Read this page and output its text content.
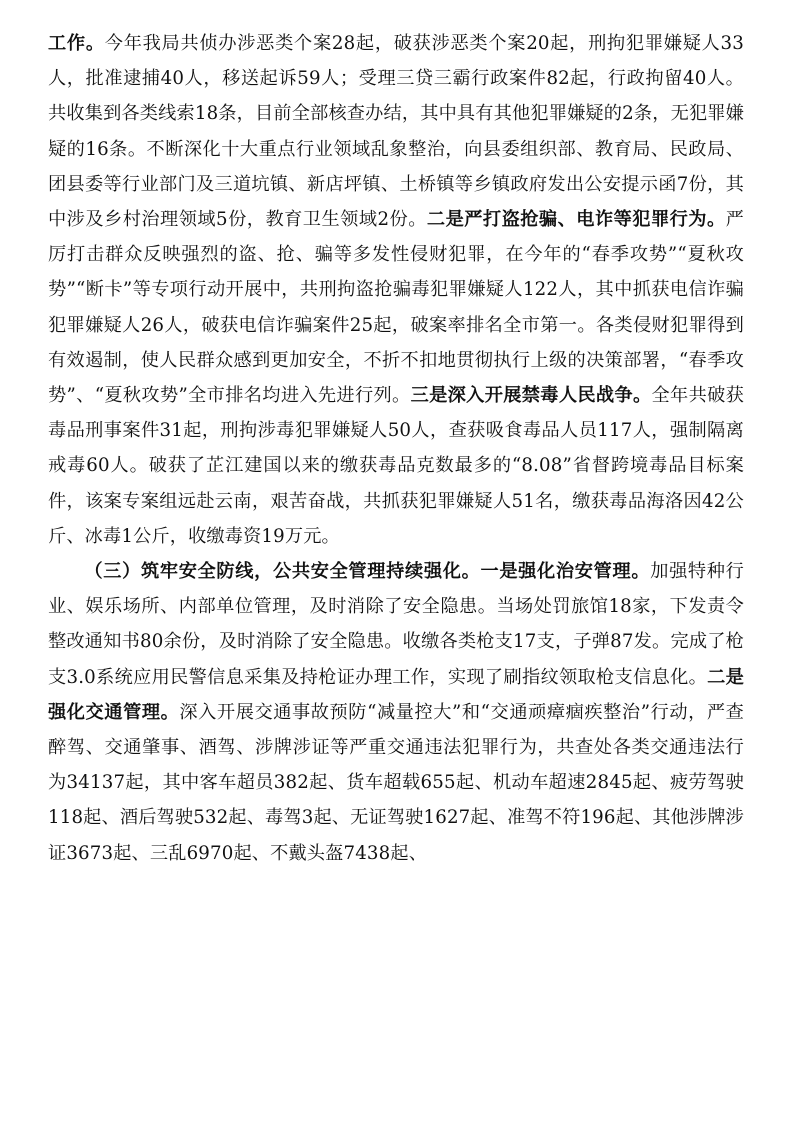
工作。今年我局共侦办涉恶类个案28起，破获涉恶类个案20起，刑拘犯罪嫌疑人33人，批准逮捕40人，移送起诉59人；受理三贷三霸行政案件82起，行政拘留40人。共收集到各类线索18条，目前全部核查办结，其中具有其他犯罪嫌疑的2条，无犯罪嫌疑的16条。不断深化十大重点行业领域乱象整治，向县委组织部、教育局、民政局、团县委等行业部门及三道坑镇、新店坪镇、土桥镇等乡镇政府发出公安提示函7份，其中涉及乡村治理领域5份，教育卫生领域2份。二是严打盗抢骗、电诈等犯罪行为。严厉打击群众反映强烈的盗、抢、骗等多发性侵财犯罪，在今年的“春季攻势”“夏秋攻势”“断卡”等专项行动开展中，共刑拘盗抢骗毒犯罪嫌疑人122人，其中抓获电信诈骗犯罪嫌疑人26人，破获电信诈骗案件25起，破案率排名全市第一。各类侵财犯罪得到有效遏制，使人民群众感到更加安全，不折不扣地贯彻执行上级的决策部署，“春季攻势”、“夏秋攻势”全市排名均进入先进行列。三是深入开展禁毒人民战争。全年共破获毒品刑事案件31起，刑拘涉毒犯罪嫌疑人50人，查获吸食毒品人员117人，强制隔离戒毒60人。破获了芷江建国以来的缴获毒品克数最多的“8.08”省督跨境毒品目标案件，该案专案组远赴云南，艰苦奋战，共抓获犯罪嫌疑人51名，缴获毒品海洛因42公斤、冰毒1公斤，收缴毒资19万元。

（三）筑牢安全防线，公共安全管理持续强化。一是强化治安管理。加强特种行业、娱乐场所、内部单位管理，及时消除了安全隐患。当场处罚旅馆18家，下发责令整改通知书80余份，及时消除了安全隐患。收缴各类枪支17支，子弹87发。完成了枪支3.0系统应用民警信息采集及持枪证办理工作，实现了刷指纹领取枪支信息化。二是强化交通管理。深入开展交通事故预防“减量控大”和“交通顽瘴痼疾整治”行动，严查醉驾、交通肇事、酒驾、涉牌涉证等严重交通违法犯罪行为，共查处各类交通违法行为34137起，其中客车超员382起、货车超载655起、机动车超速2845起、疲劳驾驶118起、酒后驾驶532起、毒驾3起、无证驾驶1627起、准驾不符196起、其他涉牌涉证3673起、三乱6970起、不戴头盔7438起、
